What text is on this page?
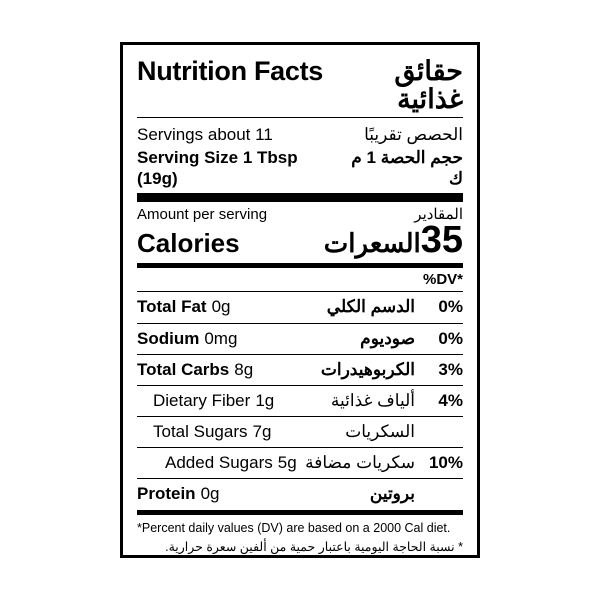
Nutrition Facts	حقائق غذائية
Servings about 11	الحصص تقريبًا
Serving Size 1 Tbsp (19g)
حجم الحصة 1 م ك
Amount per serving	المقادير
Calories	السعرات 35
%DV*
Total Fat 0g	الدسم الكلي	0%
Sodium 0mg	صوديوم	0%
Total Carbs 8g	الكربوهيدرات	3%
Dietary Fiber 1g	ألياف غذائية	4%
Total Sugars 7g	السكريات
Added Sugars 5g سكريات مضافة 10%
Protein 0g	بروتين
*Percent daily values (DV) are based on a 2000 Cal diet.
* نسبة الحاجة اليومية باعتبار حمية من ألفين سعرة حرارية.
